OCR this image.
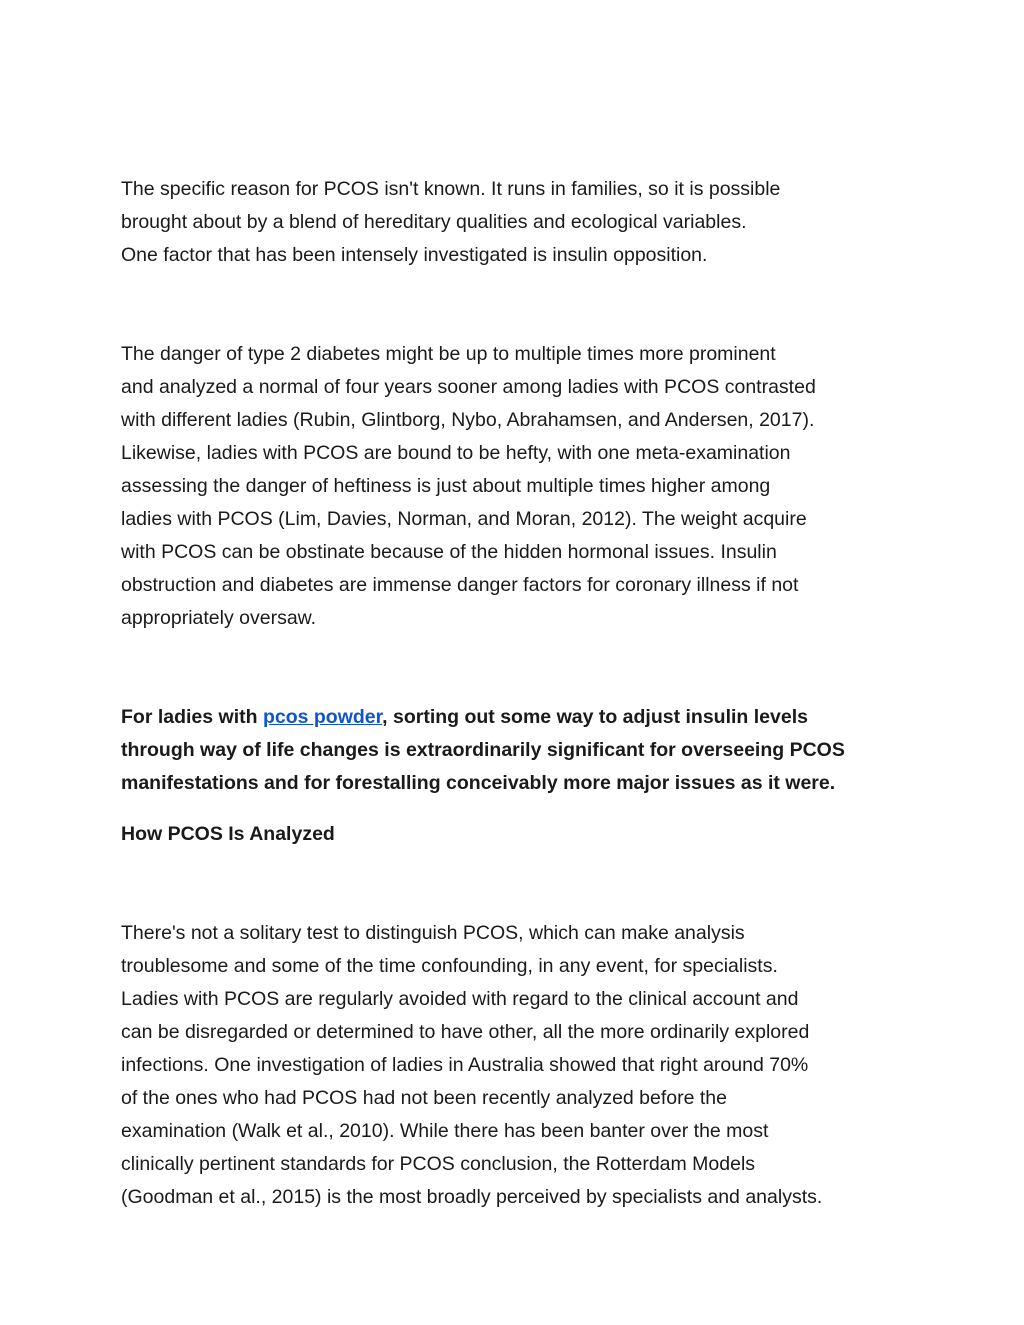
The specific reason for PCOS isn't known. It runs in families, so it is possible
brought about by a blend of hereditary qualities and ecological variables.
One factor that has been intensely investigated is insulin opposition.
The danger of type 2 diabetes might be up to multiple times more prominent
and analyzed a normal of four years sooner among ladies with PCOS contrasted
with different ladies (Rubin, Glintborg, Nybo, Abrahamsen, and Andersen, 2017).
Likewise, ladies with PCOS are bound to be hefty, with one meta-examination
assessing the danger of heftiness is just about multiple times higher among
ladies with PCOS (Lim, Davies, Norman, and Moran, 2012). The weight acquire
with PCOS can be obstinate because of the hidden hormonal issues. Insulin
obstruction and diabetes are immense danger factors for coronary illness if not
appropriately oversaw.
For ladies with pcos powder, sorting out some way to adjust insulin levels
through way of life changes is extraordinarily significant for overseeing PCOS
manifestations and for forestalling conceivably more major issues as it were.
How PCOS Is Analyzed
There's not a solitary test to distinguish PCOS, which can make analysis
troublesome and some of the time confounding, in any event, for specialists.
Ladies with PCOS are regularly avoided with regard to the clinical account and
can be disregarded or determined to have other, all the more ordinarily explored
infections. One investigation of ladies in Australia showed that right around 70%
of the ones who had PCOS had not been recently analyzed before the
examination (Walk et al., 2010). While there has been banter over the most
clinically pertinent standards for PCOS conclusion, the Rotterdam Models
(Goodman et al., 2015) is the most broadly perceived by specialists and analysts.
